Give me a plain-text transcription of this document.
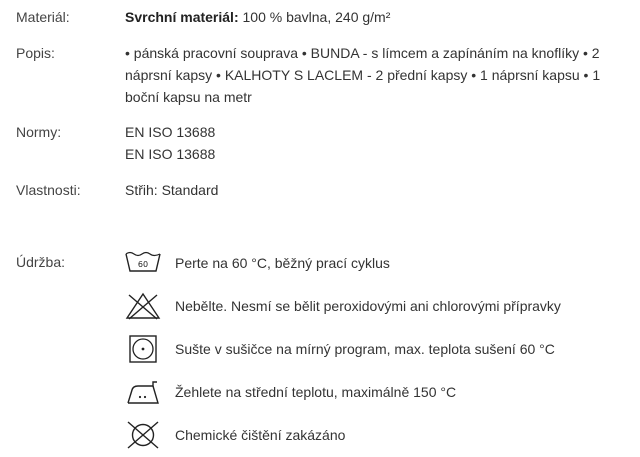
Materiál:	Svrchní materiál: 100 % bavlna, 240 g/m²
Popis:	• pánská pracovní souprava • BUNDA - s límcem a zapínáním na knoflíky • 2 náprsní kapsy • KALHOTY S LACLEM - 2 přední kapsy • 1 náprsní kapsu • 1 boční kapsu na metr
Normy:	EN ISO 13688
EN ISO 13688
Vlastnosti:	Střih: Standard
Údržba:	60 Perte na 60 °C, běžný prací cyklus
Nebělte. Nesmí se bělit peroxidovými ani chlorovými přípravky
Sušte v sušičce na mírný program, max. teplota sušení 60 °C
Žehlete na střední teplotu, maximálně 150 °C
Chemické čištění zakázáno
